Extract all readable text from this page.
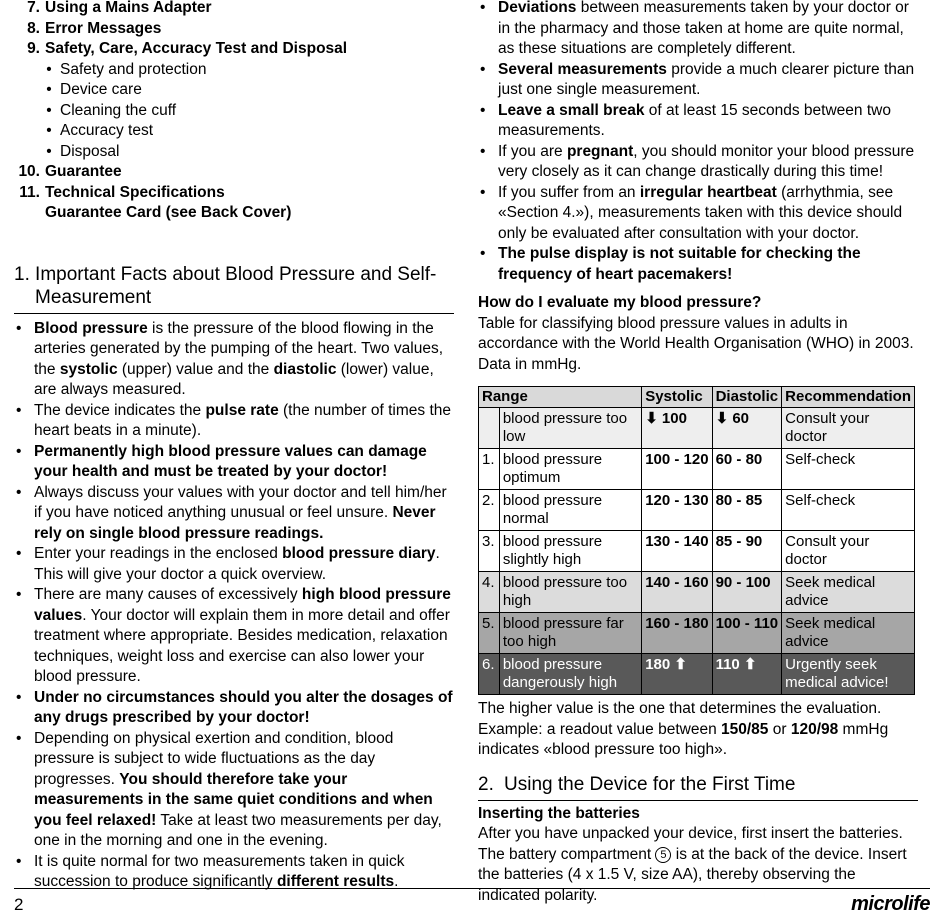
7. Using a Mains Adapter
8. Error Messages
9. Safety, Care, Accuracy Test and Disposal
• Safety and protection
• Device care
• Cleaning the cuff
• Accuracy test
• Disposal
10. Guarantee
11. Technical Specifications
Guarantee Card (see Back Cover)
1. Important Facts about Blood Pressure and Self-Measurement
• Blood pressure is the pressure of the blood flowing in the arteries generated by the pumping of the heart. Two values, the systolic (upper) value and the diastolic (lower) value, are always measured.
• The device indicates the pulse rate (the number of times the heart beats in a minute).
• Permanently high blood pressure values can damage your health and must be treated by your doctor!
• Always discuss your values with your doctor and tell him/her if you have noticed anything unusual or feel unsure. Never rely on single blood pressure readings.
• Enter your readings in the enclosed blood pressure diary. This will give your doctor a quick overview.
• There are many causes of excessively high blood pressure values. Your doctor will explain them in more detail and offer treatment where appropriate. Besides medication, relaxation techniques, weight loss and exercise can also lower your blood pressure.
• Under no circumstances should you alter the dosages of any drugs prescribed by your doctor!
• Depending on physical exertion and condition, blood pressure is subject to wide fluctuations as the day progresses. You should therefore take your measurements in the same quiet conditions and when you feel relaxed! Take at least two measurements per day, one in the morning and one in the evening.
• It is quite normal for two measurements taken in quick succession to produce significantly different results.
• Deviations between measurements taken by your doctor or in the pharmacy and those taken at home are quite normal, as these situations are completely different.
• Several measurements provide a much clearer picture than just one single measurement.
• Leave a small break of at least 15 seconds between two measurements.
• If you are pregnant, you should monitor your blood pressure very closely as it can change drastically during this time!
• If you suffer from an irregular heartbeat (arrhythmia, see «Section 4.»), measurements taken with this device should only be evaluated after consultation with your doctor.
• The pulse display is not suitable for checking the frequency of heart pacemakers!
How do I evaluate my blood pressure?
Table for classifying blood pressure values in adults in accordance with the World Health Organisation (WHO) in 2003. Data in mmHg.
Range		Systolic	Diastolic	Recommendation
	blood pressure too low	⬇ 100	⬇ 60	Consult your doctor
1.	blood pressure optimum	100 - 120	60 - 80	Self-check
2.	blood pressure normal	120 - 130	80 - 85	Self-check
3.	blood pressure slightly high	130 - 140	85 - 90	Consult your doctor
4.	blood pressure too high	140 - 160	90 - 100	Seek medical advice
5.	blood pressure far too high	160 - 180	100 - 110	Seek medical advice
6.	blood pressure dangerously high	180 ⬆	110 ⬆	Urgently seek medical advice!
The higher value is the one that determines the evaluation. Example: a readout value between 150/85 or 120/98 mmHg indicates «blood pressure too high».
2. Using the Device for the First Time
Inserting the batteries
After you have unpacked your device, first insert the batteries. The battery compartment 5 is at the back of the device. Insert the batteries (4 x 1.5 V, size AA), thereby observing the indicated polarity.
2	microlife
